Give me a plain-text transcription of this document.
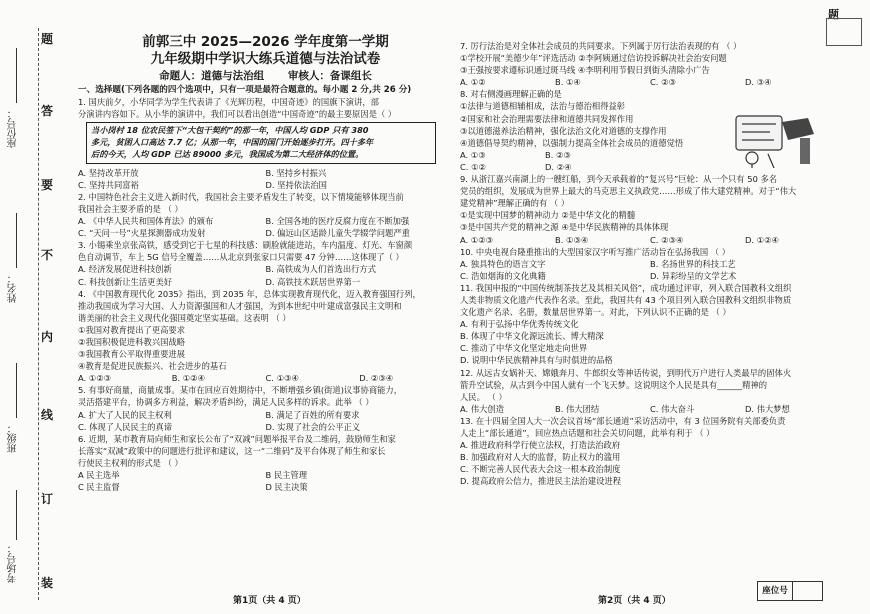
题
答
要
不
内
线
订
装
座位号：
姓名：
班级：
考场号：
题
前郭三中 2025—2026 学年度第一学期
九年级期中学识大练兵道德与法治试卷
命题人：道德与法治组 审核人：备课组长
一、选择题(下列各题的四个选项中，只有一项是最符合题意的。每小题 2 分,共 26 分)
1. 国庆前夕，小华同学为学生代表讲了《光辉历程，中国奇迹》的国旗下演讲，部
分演讲内容如下。从小华的演讲中，我们可以看出创造“中国奇迹”的最主要原因是（ ）
当小岗村 18 位农民签下“大包干契约”的那一年，中国人均 GDP 只有 380
多元，贫困人口高达 7.7 亿；从那一年，中国的国门开始逐步打开。四十多年
后的今天，人均 GDP 已达 89000 多元，我国成为第二大经济体的位置。
A. 坚持改革开放	B. 坚持乡村振兴
C. 坚持共同富裕	D. 坚持依法治国
2. 中国特色社会主义进入新时代，我国社会主要矛盾发生了转变，以下情境能够体现当前
我国社会主要矛盾的是 （ ）
A. 《中华人民共和国体育法》的颁布	B. 全国各地的医疗反腐力度在不断加强
C. “天问一号”火星探测器成功发射	D. 偏远山区适龄儿童失学辍学问题严重
3. 小锡乘坐京张高铁，感受到它于七星的科技感：刷脸就能进站，车内温度、灯光、车窗颜
色自动调节，车上 5G 信号全覆盖……从北京到张家口只需要 47 分钟……这体现了（ ）
A. 经济发展促进科技创新	B. 高铁成为人们首选出行方式
C. 科技创新让生活更美好	D. 高铁技术跃居世界第一
4. 《中国教育现代化 2035》指出，到 2035 年，总体实现教育现代化，迈入教育强国行列，
推动我国成为学习大国、人力资源强国和人才强国，为到本世纪中叶建成富强民主文明和
谐美丽的社会主义现代化强国奠定坚实基础。这表明 （ ）
①我国对教育提出了更高要求
②我国积极促进科教兴国战略
③我国教育公平取得重要进展
④教育是促进民族振兴、社会进步的基石
A. ①②③	B. ①②④	C. ①③④	D. ②③④
5. 有事好商量，商量成事。某市在回应百姓期待中，不断增强乡镇(街道)议事协商能力，
灵活搭建平台，协调多方利益，解决矛盾纠纷，满足人民多样的诉求。此举 （ ）
A. 扩大了人民的民主权利	B. 满足了百姓的所有要求
C. 体现了人民民主的真谛	D. 实现了社会的公平正义
6. 近期，某市教育局向师生和家长公布了“双减”问题举报平台及二维码，鼓励师生和家
长落实“双减”政策中的问题进行批评和建议，这一“二维码”及平台体现了师生和家长
行使民主权利的形式是 （ ）
A 民主选举	B 民主管理
C 民主监督	D 民主决策
7. 厉行法治是对全体社会成员的共同要求。下列属于厉行法治表现的有 （ ）
①学校开展“美德少年”评选活动 ②李阿姨通过信访投诉解决社会治安问题
③王强按要求遵标识通过斑马线 ④李明利用节假日到街头清除小广告
A. ①②	B. ①④	C. ②③	D. ③④
8. 对右侧漫画理解正确的是
①法律与道德相辅相成，法治与德治相得益彰
②国家和社会治理需要法律和道德共同发挥作用
③以道德滋养法治精神，强化法治文化对道德的支撑作用
④道德倡导契约精神，以强制力提高全体社会成员的道德觉悟
A. ①③	B. ②③
C. ①②	D. ②④
9. 从浙江嘉兴南湖上的一艘红船，到今天承载着的“复兴号”巨轮：从一个只有 50 多名
党员的组织，发展成为世界上最大的马克思主义执政党……形成了伟大建党精神。对于“伟大
建党精神”理解正确的有 （ ）
①是实现中国梦的精神动力 ②是中华文化的精髓
③是中国共产党的精神之源 ④是中华民族精神的具体体现
A. ①②③	B. ①③④	C. ②③④	D. ①②④
10. 中央电视台隆重推出的大型国家汉字听写推广活动旨在弘扬我国 （ ）
A. 独具特色的语言文字	B. 名扬世界的科技工艺
C. 浩如烟海的文化典籍	D. 异彩纷呈的文学艺术
11. 我国申报的“中国传统制茶技艺及其相关风俗”，成功通过评审，列入联合国教科文组织
人类非物质文化遗产代表作名录。至此，我国共有 43 个项目列入联合国教科文组织非物质
文化遗产名录、名册，数量居世界第一。对此，下列认识不正确的是 （ ）
A. 有利于弘扬中华优秀传统文化
B. 体现了中华文化源远流长、博大精深
C. 推动了中华文化坚定地走向世界
D. 说明中华民族精神具有与时俱进的品格
12. 从远古女娲补天、嫦娥奔月、牛郎织女等神话传说，到明代万户进行人类最早的固体火
箭升空试验，从古到今中国人就有一个飞天梦。这说明这个人民是具有______精神的
人民。 （ ）
A. 伟大创造	B. 伟大团结	C. 伟大奋斗	D. 伟大梦想
13. 在十四届全国人大一次会议首场“部长通道”采访活动中，有 3 位国务院有关部委负责
人走上“部长通道”，回应热点话题和社会关切问题，此举有利于 （ ）
A. 推进政府科学行使立法权，打造法治政府
B. 加强政府对人大的监督，防止权力的滥用
C. 不断完善人民代表大会这一根本政治制度
D. 提高政府公信力，推进民主法治建设进程
第1页（共 4 页）	第2页（共 4 页）
座位号
